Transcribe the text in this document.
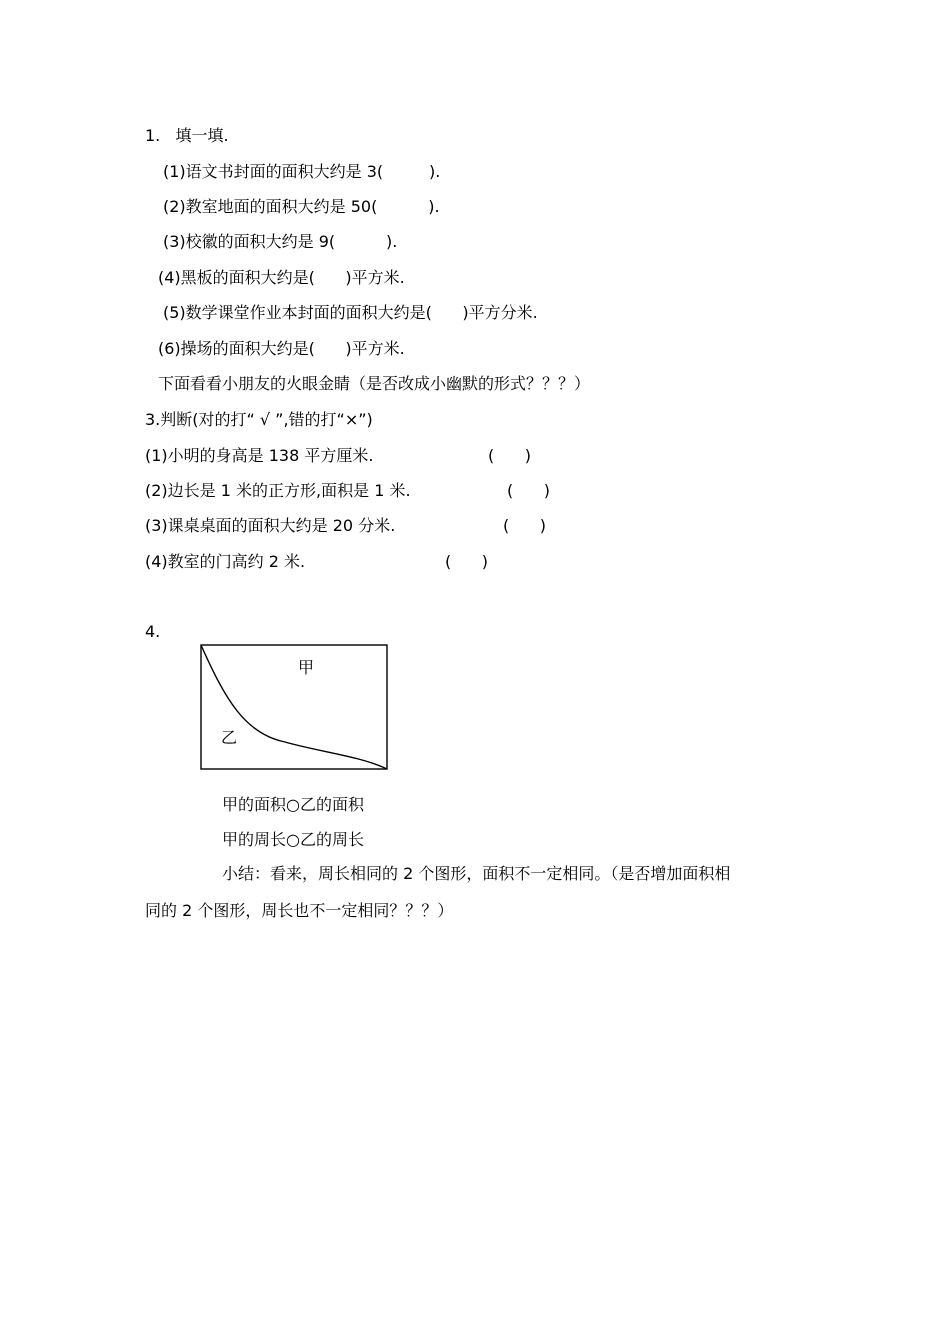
1.   填一填.
(1)语文书封面的面积大约是 3(         ).
(2)教室地面的面积大约是 50(          ).
(3)校徽的面积大约是 9(          ).
(4)黑板的面积大约是(      )平方米.
(5)数学课堂作业本封面的面积大约是(      )平方分米.
(6)操场的面积大约是(      )平方米.
下面看看小朋友的火眼金睛（是否改成小幽默的形式？？？）
3.判断(对的打“ √ ”,错的打“×”)
(1)小明的身高是 138 平方厘米.	(      )
(2)边长是 1 米的正方形,面积是 1 米.	(      )
(3)课桌桌面的面积大约是 20 分米.	(      )
(4)教室的门高约 2 米.	(      )
4.
甲
乙
甲的面积○乙的面积
甲的周长○乙的周长
小结：看来，周长相同的 2 个图形，面积不一定相同。（是否增加面积相
同的 2 个图形，周长也不一定相同？？？）
